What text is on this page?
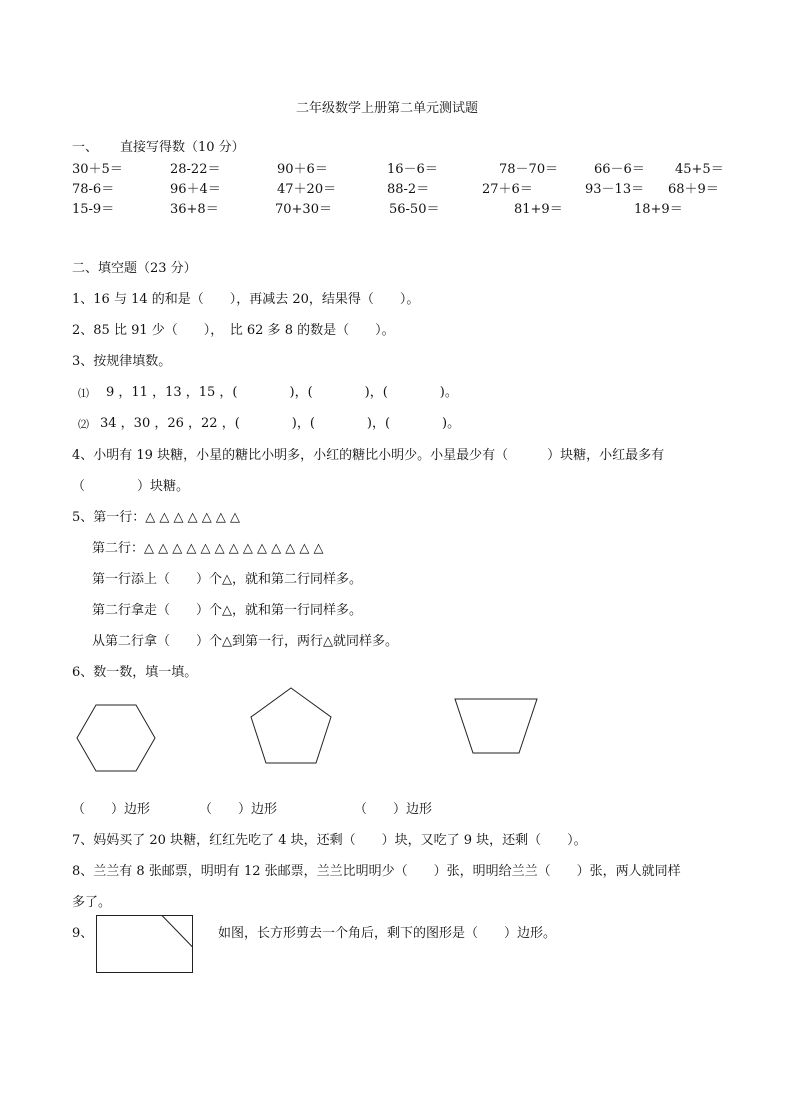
二年级数学上册第二单元测试题
一、 直接写得数（10 分）
30＋5＝	28-22＝	90＋6＝	16－6＝	78－70＝	66－6＝ 45+5＝
78-6＝	96＋4＝	47＋20＝	88-2＝	27＋6＝	93－13＝ 68＋9＝
15-9＝	36+8＝	70+30＝	56-50＝	81+9＝	18+9＝
二、填空题（23 分）
1、16 与 14 的和是（　　），再减去 20，结果得（　　）。
2、85 比 91 少（　　），　比 62 多 8 的数是（　　）。
3、按规律填数。
⑴ 9 ，11 ，13 ，15 ，(　　　　)，(　　　　)，(　　　　)。
⑵ 34 ，30 ，26 ，22 ，(　　　　)，(　　　　)，(　　　　)。
4、小明有 19 块糖，小星的糖比小明多，小红的糖比小明少。小星最少有（　　　）块糖，小红最多有
（　　　　）块糖。
5、第一行：△ △ △ △ △ △ △
第二行：△ △ △ △ △ △ △ △ △ △ △ △ △
第一行添上（　　）个△，就和第二行同样多。
第二行拿走（　　）个△，就和第一行同样多。
从第二行拿（　　）个△到第一行，两行△就同样多。
6、数一数，填一填。
（　　）边形	（　　）边形	（　　）边形
7、妈妈买了 20 块糖，红红先吃了 4 块，还剩（　　）块，又吃了 9 块，还剩（　　）。
8、兰兰有 8 张邮票，明明有 12 张邮票，兰兰比明明少（　　）张，明明给兰兰（　　）张，两人就同样
多了。
9、	如图，长方形剪去一个角后，剩下的图形是（　　）边形。
